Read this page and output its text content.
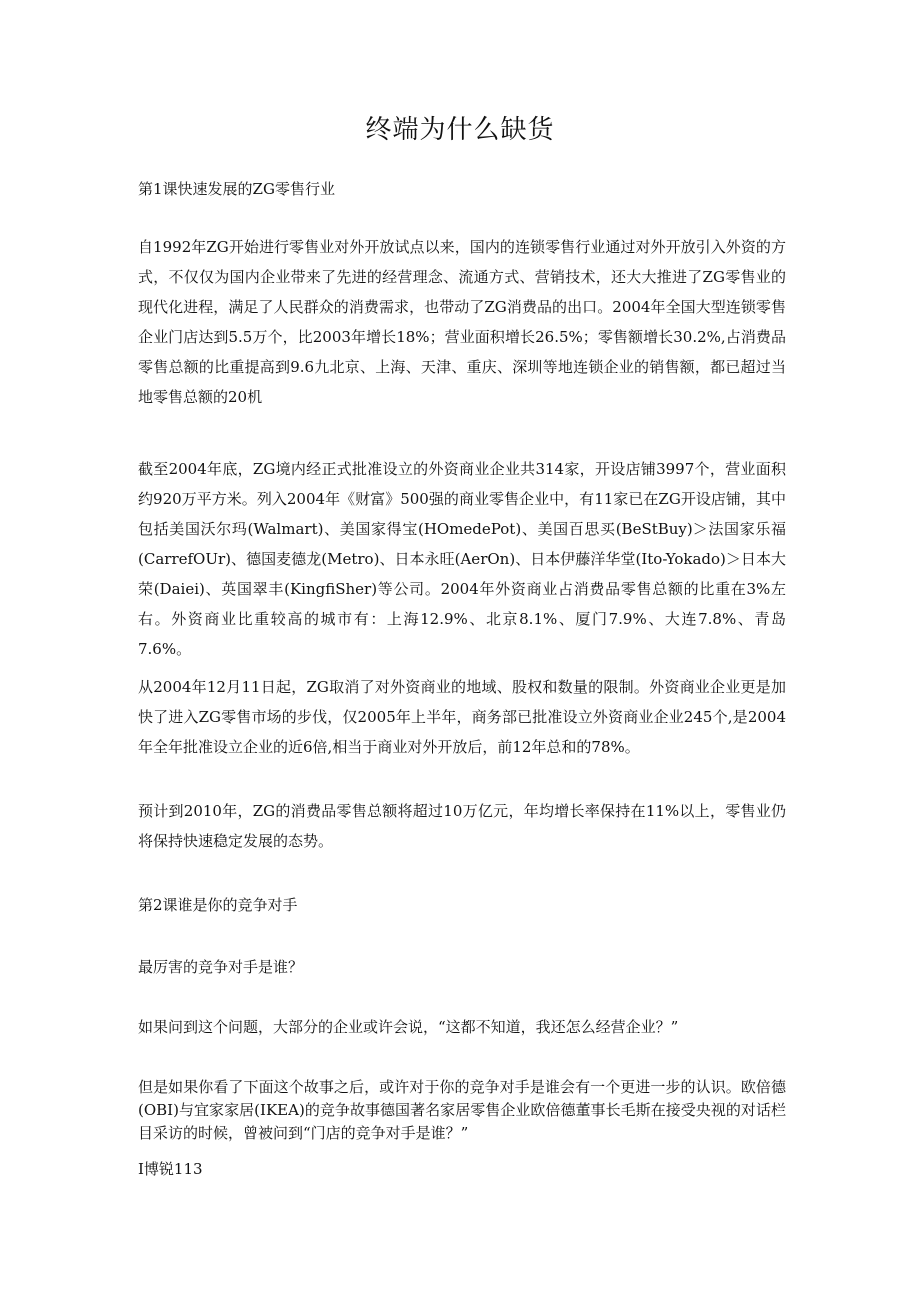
终端为什么缺货

第1课快速发展的ZG零售行业

自1992年ZG开始进行零售业对外开放试点以来，国内的连锁零售行业通过对外开放引入外资的方式，不仅仅为国内企业带来了先进的经营理念、流通方式、营销技术，还大大推进了ZG零售业的现代化进程，满足了人民群众的消费需求，也带动了ZG消费品的出口。2004年全国大型连锁零售企业门店达到5.5万个，比2003年增长18%；营业面积增长26.5%；零售额增长30.2%,占消费品零售总额的比重提高到9.6九北京、上海、天津、重庆、深圳等地连锁企业的销售额，都已超过当地零售总额的20机

截至2004年底，ZG境内经正式批准设立的外资商业企业共314家，开设店铺3997个，营业面积约920万平方米。列入2004年《财富》500强的商业零售企业中，有11家已在ZG开设店铺，其中包括美国沃尔玛(Walmart)、美国家得宝(HOmedePot)、美国百思买(BeStBuy)＞法国家乐福(CarrefOUr)、德国麦德龙(Metro)、日本永旺(AerOn)、日本伊藤洋华堂(Ito-Yokado)＞日本大荣(Daiei)、英国翠丰(KingfiSher)等公司。2004年外资商业占消费品零售总额的比重在3%左右。外资商业比重较高的城市有：上海12.9%、北京8.1%、厦门7.9%、大连7.8%、青岛7.6%。

从2004年12月11日起，ZG取消了对外资商业的地域、股权和数量的限制。外资商业企业更是加快了进入ZG零售市场的步伐，仅2005年上半年，商务部已批准设立外资商业企业245个,是2004年全年批准设立企业的近6倍,相当于商业对外开放后，前12年总和的78%。

预计到2010年，ZG的消费品零售总额将超过10万亿元，年均增长率保持在11%以上，零售业仍将保持快速稳定发展的态势。

第2课谁是你的竞争对手

最厉害的竞争对手是谁？

如果问到这个问题，大部分的企业或许会说，“这都不知道，我还怎么经营企业？”

但是如果你看了下面这个故事之后，或许对于你的竞争对手是谁会有一个更进一步的认识。欧倍德(OBI)与宜家家居(IKEA)的竞争故事德国著名家居零售企业欧倍德董事长毛斯在接受央视的对话栏目采访的时候，曾被问到“门店的竞争对手是谁？”

I博锐113
